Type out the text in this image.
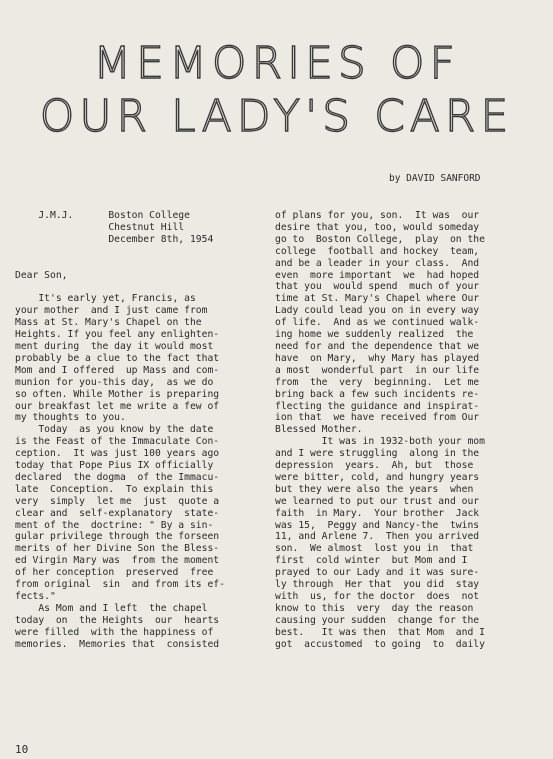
MEMORIES OF
OUR LADY'S CARE
by DAVID SANFORD
J.M.J.      Boston College
Chestnut Hill
December 8th, 1954

Dear Son,

It's early yet, Francis, as
your mother  and I just came from
Mass at St. Mary's Chapel on the
Heights. If you feel any enlighten-
ment during  the day it would most
probably be a clue to the fact that
Mom and I offered  up Mass and com-
munion for you-this day,  as we do
so often. While Mother is preparing
our breakfast let me write a few of
my thoughts to you.
Today  as you know by the date
is the Feast of the Immaculate Con-
ception.  It was just 100 years ago
today that Pope Pius IX officially
declared  the dogma  of the Immacu-
late  Conception.  To explain this
very  simply  let me  just  quote a
clear and  self-explanatory  state-
ment of the  doctrine: " By a sin-
gular privilege through the forseen
merits of her Divine Son the Bless-
ed Virgin Mary was  from the moment
of her conception  preserved  free
from original  sin  and from its ef-
fects."
As Mom and I left  the chapel
today  on  the Heights  our  hearts
were filled  with the happiness of
memories.  Memories that  consisted
of plans for you, son.  It was  our
desire that you, too, would someday
go to  Boston College,  play  on the
college  football and hockey  team,
and be a leader in your class.  And
even  more important  we  had hoped
that you  would spend  much of your
time at St. Mary's Chapel where Our
Lady could lead you on in every way
of life.  And as we continued walk-
ing home we suddenly realized  the
need for and the dependence that we
have  on Mary,  why Mary has played
a most  wonderful part  in our life
from  the  very  beginning.  Let me
bring back a few such incidents re-
flecting the guidance and inspirat-
ion that  we have received from Our
Blessed Mother.
It was in 1932-both your mom
and I were struggling  along in the
depression  years.  Ah, but  those
were bitter, cold, and hungry years
but they were also the years  when
we learned to put our trust and our
faith  in Mary.  Your brother  Jack
was 15,  Peggy and Nancy-the  twins
11, and Arlene 7.  Then you arrived
son.  We almost  lost you in  that
first  cold winter  but Mom and I
prayed to our Lady and it was sure-
ly through  Her that  you did  stay
with  us, for the doctor  does  not
know to this  very  day the reason
causing your sudden  change for the
best.   It was then  that Mom  and I
got  accustomed  to going  to  daily
10
